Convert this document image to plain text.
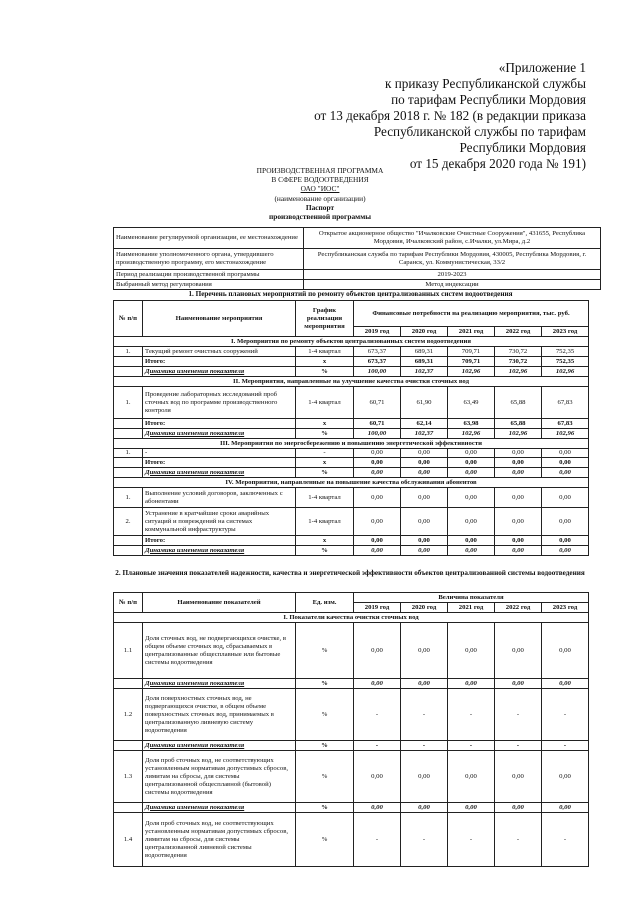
«Приложение 1
к приказу Республиканской службы
по тарифам Республики Мордовия
от 13 декабря 2018 г. № 182 (в редакции приказа
Республиканской службы по тарифам
Республики Мордовия
от 15 декабря 2020 года № 191)
ПРОИЗВОДСТВЕННАЯ ПРОГРАММА
В СФЕРЕ ВОДООТВЕДЕНИЯ
ОАО "ИОС"
(наименование организации)
Паспорт
производственной программы
Наименование регулируемой организации, ее местонахождение	Открытое акционерное общество "Ичалковские Очистные Сооружения", 431655, Республика Мордовия, Ичалковский район, с.Ичалки, ул.Мира, д.2
Наименование уполномоченного органа, утвердившего производственную программу, его местонахождение	Республиканская служба по тарифам Республики Мордовия, 430005, Республика Мордовия, г. Саранск, ул. Коммунистическая, 33/2
Период реализации производственной программы	2019-2023
Выбранный метод регулирования	Метод индексации
1. Перечень плановых мероприятий по ремонту объектов централизованных систем водоотведения
№ п/п	Наименование мероприятия	График реализации мероприятия	Финансовые потребности на реализацию мероприятия, тыс. руб.				
			2019 год	2020 год	2021 год	2022 год	2023 год
I. Мероприятия по ремонту объектов централизованных систем водоотведения							
1.	Текущий ремонт очистных сооружений	1-4 квартал	673,37	689,31	709,71	730,72	752,35
	Итого:	x	673,37	689,31	709,71	730,72	752,35
	Динамика изменения показателя	%	100,00	102,37	102,96	102,96	102,96
II. Мероприятия, направленные на улучшение качества очистки сточных вод							
1.	Проведение лабораторных исследований проб сточных вод по программе производственного контроля	1-4 квартал	60,71	61,90	63,49	65,88	67,83
	Итого:	x	60,71	62,14	63,98	65,88	67,83
	Динамика изменения показателя	%	100,00	102,37	102,96	102,96	102,96
III. Мероприятия по энергосбережению и повышению энергетической эффективности							
1.	-	-	0,00	0,00	0,00	0,00	0,00
	Итого:	x	0,00	0,00	0,00	0,00	0,00
	Динамика изменения показателя	%	0,00	0,00	0,00	0,00	0,00
IV. Мероприятия, направленные на повышение качества обслуживания абонентов							
1.	Выполнение условий договоров, заключенных с абонентами	1-4 квартал	0,00	0,00	0,00	0,00	0,00
2.	Устранение в кратчайшие сроки аварийных ситуаций и повреждений на системах коммунальной инфраструктуры	1-4 квартал	0,00	0,00	0,00	0,00	0,00
	Итого:	x	0,00	0,00	0,00	0,00	0,00
	Динамика изменения показателя	%	0,00	0,00	0,00	0,00	0,00
2. Плановые значения показателей надежности, качества и энергетической эффективности объектов централизованной системы водоотведения
№ п/п	Наименование показателей	Ед. изм.	Величина показателя				
			2019 год	2020 год	2021 год	2022 год	2023 год
I. Показатели качества очистки сточных вод							
1.1	Доля сточных вод, не подвергающихся очистке, в общем объеме сточных вод, сбрасываемых в централизованные общесплавные или бытовые системы водоотведения	%	0,00	0,00	0,00	0,00	0,00
	Динамика изменения показателя	%	0,00	0,00	0,00	0,00	0,00
1.2	Доля поверхностных сточных вод, не подвергающихся очистке, в общем объеме поверхностных сточных вод, принимаемых в централизованную ливневую систему водоотведения	%	-	-	-	-	-
	Динамика изменения показателя	%	-	-	-	-	-
1.3	Доля проб сточных вод, не соответствующих установленным нормативам допустимых сбросов, лимитам на сбросы, для системы централизованной общесплавной (бытовой) системы водоотведения	%	0,00	0,00	0,00	0,00	0,00
	Динамика изменения показателя	%	0,00	0,00	0,00	0,00	0,00
1.4	Доля проб сточных вод, не соответствующих установленным нормативам допустимых сбросов, лимитам на сбросы, для системы централизованной ливневой системы водоотведения	%	-	-	-	-	-
